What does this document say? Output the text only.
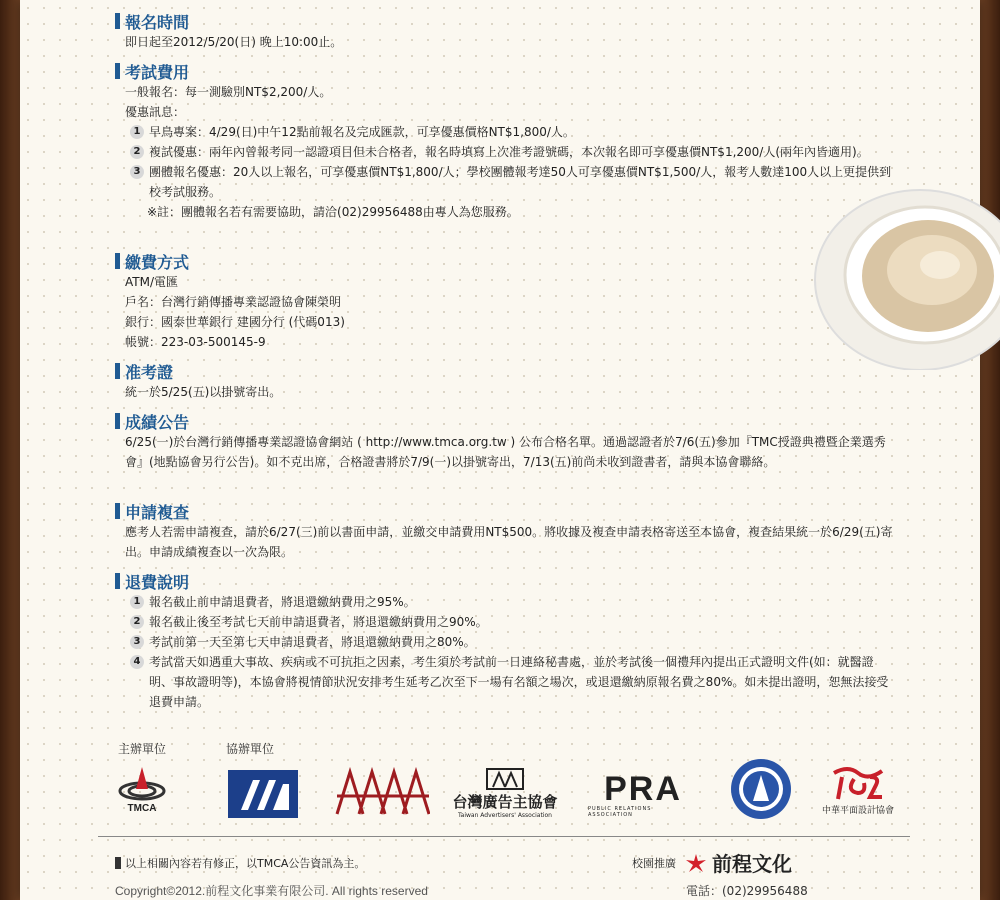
報名時間
即日起至2012/5/20(日) 晚上10:00止。
考試費用
一般報名：每一測驗別NT$2,200/人。
優惠訊息：
1 早鳥專案：4/29(日)中午12點前報名及完成匯款，可享優惠價格NT$1,800/人。
2 複試優惠：兩年內曾報考同一認證項目但未合格者，報名時填寫上次准考證號碼，本次報名即可享優惠價NT$1,200/人(兩年內皆適用)。
3 團體報名優惠：20人以上報名，可享優惠價NT$1,800/人；學校團體報考達50人可享優惠價NT$1,500/人，報考人數達100人以上更提供到校考試服務。
※註：團體報名若有需要協助，請洽(02)29956488由專人為您服務。
繳費方式
ATM/電匯
戶名：台灣行銷傳播專業認證協會陳榮明
銀行：國泰世華銀行 建國分行 (代碼013)
帳號：223-03-500145-9
准考證
統一於5/25(五)以掛號寄出。
成績公告
6/25(一)於台灣行銷傳播專業認證協會網站 ( http://www.tmca.org.tw ) 公布合格名單。通過認證者於7/6(五)參加『TMC授證典禮暨企業選秀會』(地點協會另行公告)。如不克出席，合格證書將於7/9(一)以掛號寄出，7/13(五)前尚未收到證書者，請與本協會聯絡。
申請複查
應考人若需申請複查，請於6/27(三)前以書面申請，並繳交申請費用NT$500。將收據及複查申請表格寄送至本協會，複查結果統一於6/29(五)寄出。申請成績複查以一次為限。
退費說明
1 報名截止前申請退費者，將退還繳納費用之95%。
2 報名截止後至考試七天前申請退費者，將退還繳納費用之90%。
3 考試前第一天至第七天申請退費者，將退還繳納費用之80%。
4 考試當天如遇重大事故、疾病或不可抗拒之因素，考生須於考試前一日連絡秘書處，並於考試後一個禮拜內提出正式證明文件(如：就醫證明、事故證明等)，本協會將視情節狀況安排考生延考乙次至下一場有名額之場次，或退還繳納原報名費之80%。如未提出證明，恕無法接受退費申請。
主辦單位	協辦單位
TMCA	台灣廣告主協會
Taiwan Advertisers' Association
PRA
PUBLIC RELATIONS ASSOCIATION	中華平面設計協會
以上相關內容若有修正，以TMCA公告資訊為主。
Copyright©2012.前程文化事業有限公司. All rights reserved
校園推廣 前程文化
電話：(02)29956488
